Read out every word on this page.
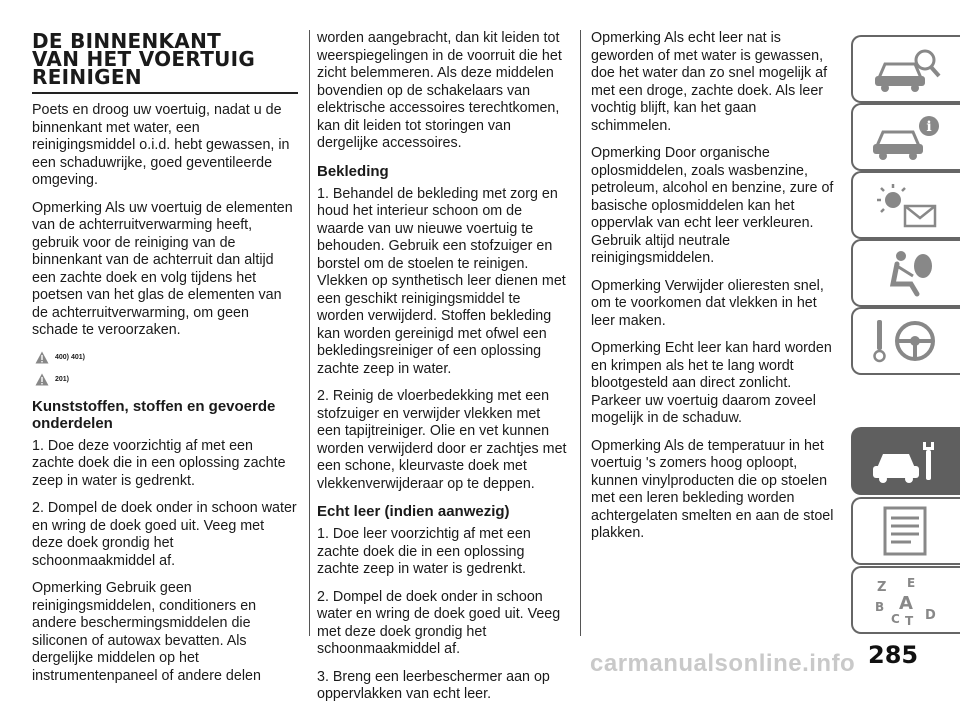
DE BINNENKANT
VAN HET VOERTUIG
REINIGEN

Poets en droog uw voertuig, nadat u de binnenkant met water, een reinigingsmiddel o.i.d. hebt gewassen, in een schaduwrijke, goed geventileerde omgeving.

Opmerking Als uw voertuig de elementen van de achterruitverwarming heeft, gebruik voor de reiniging van de binnenkant van de achterruit dan altijd een zachte doek en volg tijdens het poetsen van het glas de elementen van de achterruitverwarming, om geen schade te veroorzaken.

400) 401)
201)
Kunststoffen, stoffen en gevoerde onderdelen

1. Doe deze voorzichtig af met een zachte doek die in een oplossing zachte zeep in water is gedrenkt.

2. Dompel de doek onder in schoon water en wring de doek goed uit. Veeg met deze doek grondig het schoonmaakmiddel af.

Opmerking Gebruik geen reinigingsmiddelen, conditioners en andere beschermingsmiddelen die siliconen of autowax bevatten. Als dergelijke middelen op het instrumentenpaneel of andere delen

worden aangebracht, dan kit leiden tot weerspiegelingen in de voorruit die het zicht belemmeren. Als deze middelen bovendien op de schakelaars van elektrische accessoires terechtkomen, kan dit leiden tot storingen van dergelijke accessoires.

Bekleding

1. Behandel de bekleding met zorg en houd het interieur schoon om de waarde van uw nieuwe voertuig te behouden. Gebruik een stofzuiger en borstel om de stoelen te reinigen. Vlekken op synthetisch leer dienen met een geschikt reinigingsmiddel te worden verwijderd. Stoffen bekleding kan worden gereinigd met ofwel een bekledingsreiniger of een oplossing zachte zeep in water.

2. Reinig de vloerbedekking met een stofzuiger en verwijder vlekken met een tapijtreiniger. Olie en vet kunnen worden verwijderd door er zachtjes met een schone, kleurvaste doek met vlekkenverwijderaar op te deppen.

Echt leer (indien aanwezig)

1. Doe leer voorzichtig af met een zachte doek die in een oplossing zachte zeep in water is gedrenkt.

2. Dompel de doek onder in schoon water en wring de doek goed uit. Veeg met deze doek grondig het schoonmaakmiddel af.

3. Breng een leerbeschermer aan op oppervlakken van echt leer.

Opmerking Als echt leer nat is geworden of met water is gewassen, doe het water dan zo snel mogelijk af met een droge, zachte doek. Als leer vochtig blijft, kan het gaan schimmelen.

Opmerking Door organische oplosmiddelen, zoals wasbenzine, petroleum, alcohol en benzine, zure of basische oplosmiddelen kan het oppervlak van echt leer verkleuren. Gebruik altijd neutrale reinigingsmiddelen.

Opmerking Verwijder olieresten snel, om te voorkomen dat vlekken in het leer maken.

Opmerking Echt leer kan hard worden en krimpen als het te lang wordt blootgesteld aan direct zonlicht. Parkeer uw voertuig daarom zoveel mogelijk in de schaduw.

Opmerking Als de temperatuur in het voertuig 's zomers hoog oploopt, kunnen vinylproducten die op stoelen met een leren bekleding worden achtergelaten smelten en aan de stoel plakken.

i
Z E
B A
C T D
285
carmanualsonline.info
